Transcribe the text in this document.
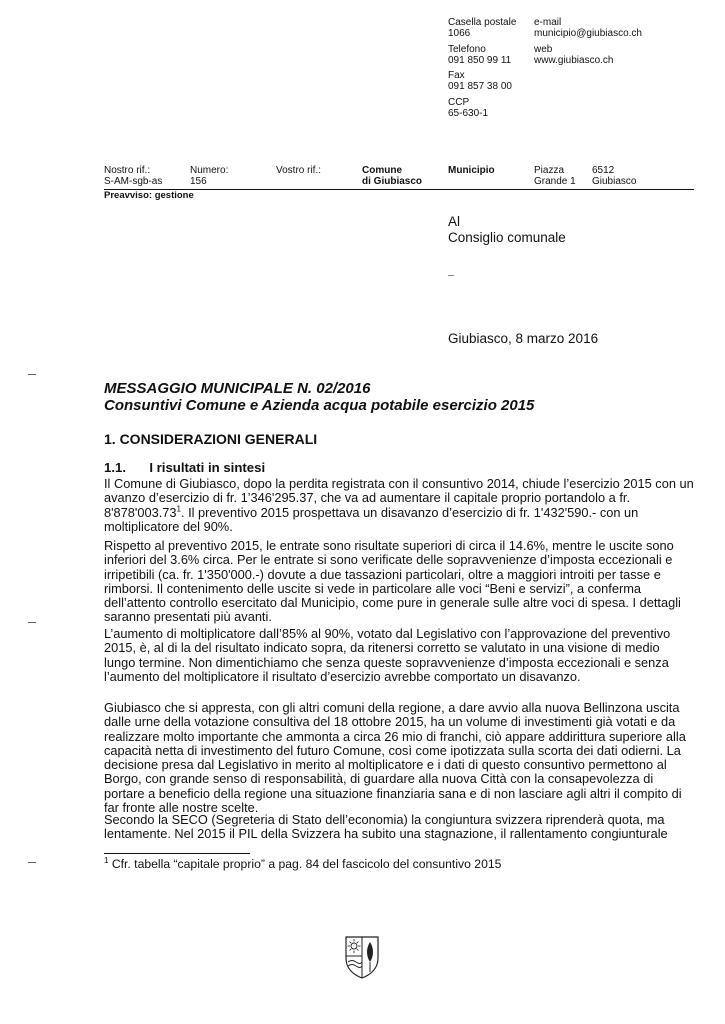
Casella postale
1066
e-mail
municipio@giubiasco.ch
Telefono
091 850 99 11
web
www.giubiasco.ch
Fax
091 857 38 00
CCP
65-630-1
Nostro rif.:
S-AM-sgb-as
Numero:
156
Vostro rif.:	Comune
di Giubiasco
Municipio	Piazza
Grande 1
6512
Giubiasco
Preavviso: gestione
Al
Consiglio comunale
Giubiasco, 8 marzo 2016
MESSAGGIO MUNICIPALE N. 02/2016
Consuntivi Comune e Azienda acqua potabile esercizio 2015
1. CONSIDERAZIONI GENERALI
1.1. I risultati in sintesi

Il Comune di Giubiasco, dopo la perdita registrata con il consuntivo 2014, chiude l’esercizio 2015 con un avanzo d’esercizio di fr. 1’346'295.37, che va ad aumentare il capitale proprio portandolo a fr. 8'878'003.73$^1$. Il preventivo 2015 prospettava un disavanzo d’esercizio di fr. 1'432'590.- con un moltiplicatore del 90%.

Rispetto al preventivo 2015, le entrate sono risultate superiori di circa il 14.6%, mentre le uscite sono inferiori del 3.6% circa. Per le entrate si sono verificate delle sopravvenienze d’imposta eccezionali e irripetibili (ca. fr. 1'350'000.-) dovute a due tassazioni particolari, oltre a maggiori introiti per tasse e rimborsi. Il contenimento delle uscite si vede in particolare alle voci “Beni e servizi”, a conferma dell’attento controllo esercitato dal Municipio, come pure in generale sulle altre voci di spesa. I dettagli saranno presentati più avanti.

L’aumento di moltiplicatore dall’85% al 90%, votato dal Legislativo con l’approvazione del preventivo 2015, è, al di la del risultato indicato sopra, da ritenersi corretto se valutato in una visione di medio lungo termine. Non dimentichiamo che senza queste sopravvenienze d’imposta eccezionali e senza l’aumento del moltiplicatore il risultato d’esercizio avrebbe comportato un disavanzo.

Giubiasco che si appresta, con gli altri comuni della regione, a dare avvio alla nuova Bellinzona uscita dalle urne della votazione consultiva del 18 ottobre 2015, ha un volume di investimenti già votati e da realizzare molto importante che ammonta a circa 26 mio di franchi, ciò appare addirittura superiore alla capacità netta di investimento del futuro Comune, così come ipotizzata sulla scorta dei dati odierni. La decisione presa dal Legislativo in merito al moltiplicatore e i dati di questo consuntivo permettono al Borgo, con grande senso di responsabilità, di guardare alla nuova Città con la consapevolezza di portare a beneficio della regione una situazione finanziaria sana e di non lasciare agli altri il compito di far fronte alle nostre scelte.

Secondo la SECO (Segreteria di Stato dell’economia) la congiuntura svizzera riprenderà quota, ma lentamente. Nel 2015 il PIL della Svizzera ha subito una stagnazione, il rallentamento congiunturale

$^1$ Cfr. tabella “capitale proprio” a pag. 84 del fascicolo del consuntivo 2015
